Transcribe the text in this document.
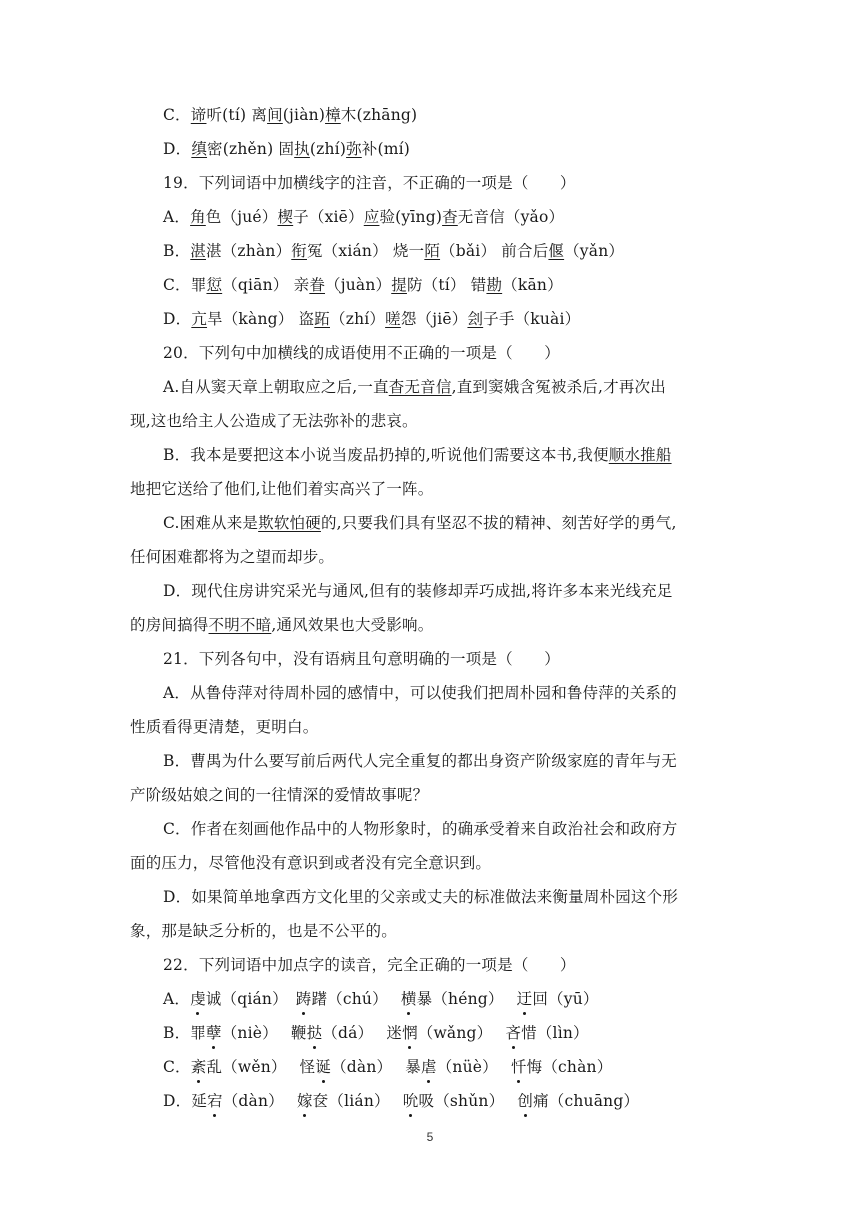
C．谛听(tí) 离间(jiàn)樟木(zhāng)
D．缜密(zhěn) 固执(zhí)弥补(mí)
19．下列词语中加横线字的注音，不正确的一项是（　　）
A．角色（jué）楔子（xiē）应验(yīng)杳无音信（yǎo）
B．湛湛（zhàn）衔冤（xián） 烧一陌（bǎi） 前合后偃（yǎn）
C．罪愆（qiān） 亲眷（juàn）提防（tí） 错勘（kān）
D．亢旱（kàng） 盗跖（zhí）嗟怨（jiē）刽子手（kuài）
20．下列句中加横线的成语使用不正确的一项是（　　）
A.自从窦天章上朝取应之后,一直杳无音信,直到窦娥含冤被杀后,才再次出
现,这也给主人公造成了无法弥补的悲哀。
B．我本是要把这本小说当废品扔掉的,听说他们需要这本书,我便顺水推船
地把它送给了他们,让他们着实高兴了一阵。
C.困难从来是欺软怕硬的,只要我们具有坚忍不拔的精神、刻苦好学的勇气,
任何困难都将为之望而却步。
D．现代住房讲究采光与通风,但有的装修却弄巧成拙,将许多本来光线充足
的房间搞得不明不暗,通风效果也大受影响。
21．下列各句中，没有语病且句意明确的一项是（　　）
A．从鲁侍萍对待周朴园的感情中，可以使我们把周朴园和鲁侍萍的关系的
性质看得更清楚，更明白。
B．曹禺为什么要写前后两代人完全重复的都出身资产阶级家庭的青年与无
产阶级姑娘之间的一往情深的爱情故事呢？
C．作者在刻画他作品中的人物形象时，的确承受着来自政治社会和政府方
面的压力，尽管他没有意识到或者没有完全意识到。
D．如果简单地拿西方文化里的父亲或丈夫的标准做法来衡量周朴园这个形
象，那是缺乏分析的，也是不公平的。
22．下列词语中加点字的读音，完全正确的一项是（　　）
A．虔诚（qián）　踌躇（chú）　 横暴（héng）　 迂回（yū）
B．罪孽（niè）　 鞭挞（dá）　 迷惘（wǎng）　 吝惜（lìn）
C．紊乱（wěn）　 怪诞（dàn）　 暴虐（nüè）　 忏悔（chàn）
D．延宕（dàn）　 嫁奁（lián）　 吮吸（shǔn）　 创痛（chuāng）
5
